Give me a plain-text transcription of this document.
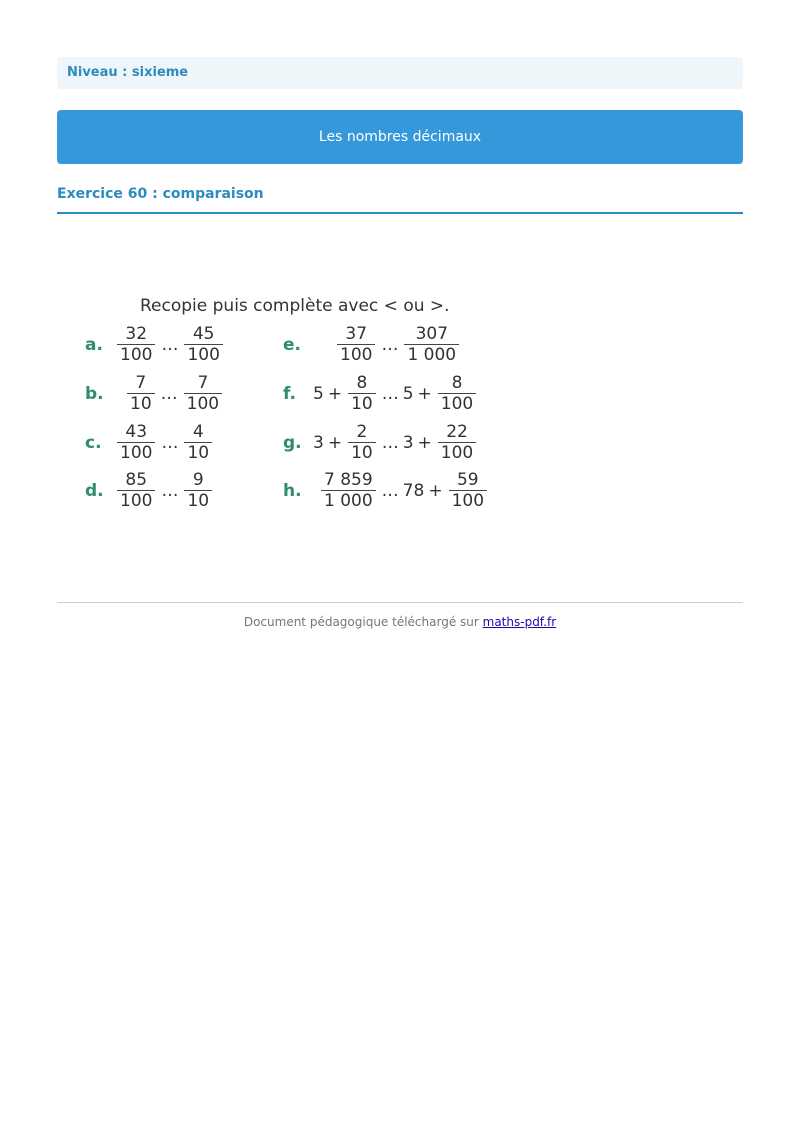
Niveau : sixieme
Les nombres décimaux
Exercice 60 : comparaison
Recopie puis complète avec < ou >.
a. $\frac{32}{100}$ … $\frac{45}{100}$
b.	$\frac{7}{10}$ … $\frac{7}{100}$
c. $\frac{43}{100}$ … $\frac{4}{10}$
d. $\frac{85}{100}$ … $\frac{9}{10}$
e.	$\frac{37}{100}$ … $\frac{307}{1 000}$
f.	$5 + \frac{8}{10}$ … $5 + \frac{8}{100}$
g. $3 + \frac{2}{10}$ … $3 + \frac{22}{100}$
h.	$\frac{7 859}{1 000}$ … $78 + \frac{59}{100}$
Document pédagogique téléchargé sur maths-pdf.fr
